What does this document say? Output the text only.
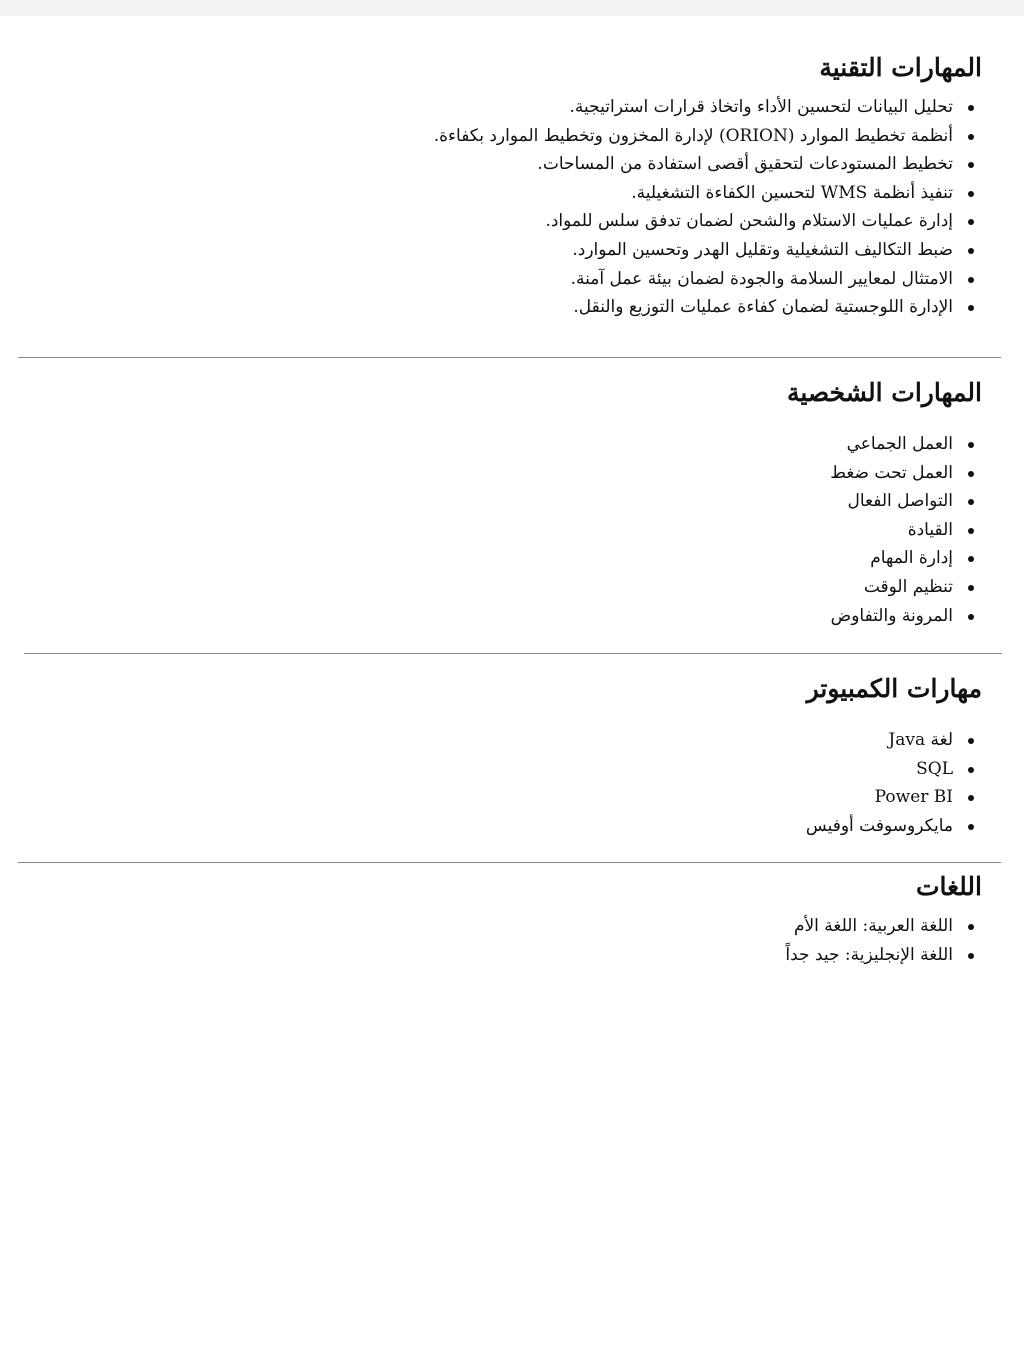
المهارات التقنية
تحليل البيانات لتحسين الأداء واتخاذ قرارات استراتيجية.
أنظمة تخطيط الموارد (ORION) لإدارة المخزون وتخطيط الموارد بكفاءة.
تخطيط المستودعات لتحقيق أقصى استفادة من المساحات.
تنفيذ أنظمة WMS لتحسين الكفاءة التشغيلية.
إدارة عمليات الاستلام والشحن لضمان تدفق سلس للمواد.
ضبط التكاليف التشغيلية وتقليل الهدر وتحسين الموارد.
الامتثال لمعايير السلامة والجودة لضمان بيئة عمل آمنة.
الإدارة اللوجستية لضمان كفاءة عمليات التوزيع والنقل.
المهارات الشخصية
العمل الجماعي
العمل تحت ضغط
التواصل الفعال
القيادة
إدارة المهام
تنظيم الوقت
المرونة والتفاوض
مهارات الكمبيوتر
لغة Java
SQL
Power BI
مايكروسوفت أوفيس
اللغات
اللغة العربية: اللغة الأم
اللغة الإنجليزية: جيد جداً
